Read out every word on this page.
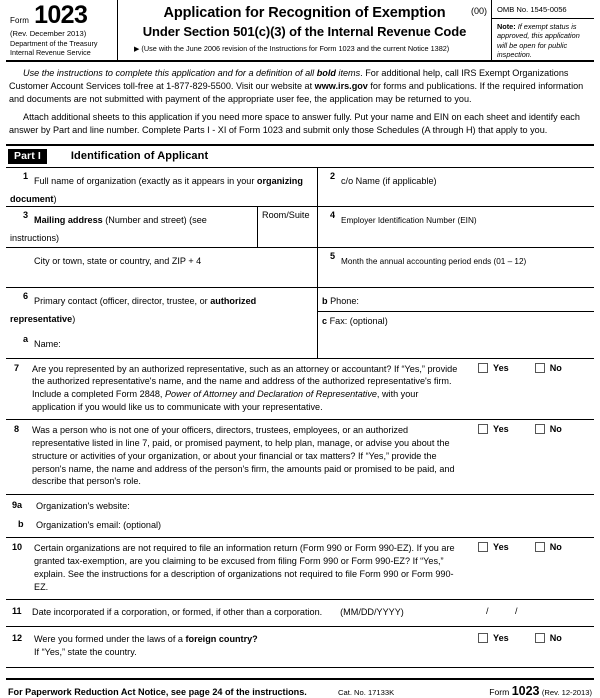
Form 1023
(Rev. December 2013)
Department of the Treasury
Internal Revenue Service
(00)
Application for Recognition of Exemption
Under Section 501(c)(3) of the Internal Revenue Code
▶ (Use with the June 2006 revision of the Instructions for Form 1023 and the current Notice 1382)
OMB No. 1545-0056
Note: If exempt status is approved, this application will be open for public inspection.

Use the instructions to complete this application and for a definition of all bold items. For additional help, call IRS Exempt Organizations Customer Account Services toll-free at 1-877-829-5500. Visit our website at www.irs.gov for forms and publications. If the required information and documents are not submitted with payment of the appropriate user fee, the application may be returned to you.

Attach additional sheets to this application if you need more space to answer fully. Put your name and EIN on each sheet and identify each answer by Part and line number. Complete Parts I - XI of Form 1023 and submit only those Schedules (A through H) that apply to you.

Part I	Identification of Applicant
1 Full name of organization (exactly as it appears in your organizing document)
2 c/o Name (if applicable)
3 Mailing address (Number and street) (see instructions)
Room/Suite	4Employer Identification Number (EIN)
City or town, state or country, and ZIP + 4	5Month the annual accounting period ends (01 – 12)
6 Primary contact (officer, director, trustee, or authorized representative)
a Name:
b Phone:
c Fax: (optional)
7	Are you represented by an authorized representative, such as an attorney or accountant? If “Yes,” provide the authorized representative's name, and the name and address of the authorized representative's firm. Include a completed Form 2848, Power of Attorney and Declaration of Representative, with your application if you would like us to communicate with your representative.
Yes	No
8	Was a person who is not one of your officers, directors, trustees, employees, or an authorized representative listed in line 7, paid, or promised payment, to help plan, manage, or advise you about the structure or activities of your organization, or about your financial or tax matters? If “Yes,” provide the person's name, the name and address of the person's firm, the amounts paid or promised to be paid, and describe that person's role.
Yes	No
9a	Organization's website:
b	Organization's email: (optional)
10	Certain organizations are not required to file an information return (Form 990 or Form 990-EZ). If you are granted tax-exemption, are you claiming to be excused from filing Form 990 or Form 990-EZ? If “Yes,” explain. See the instructions for a description of organizations not required to file Form 990 or Form 990-EZ.
Yes	No
11	Date incorporated if a corporation, or formed, if other than a corporation. (MM/DD/YYYY)	/	/
12	Were you formed under the laws of a foreign country?
If “Yes,” state the country.
Yes	No
For Paperwork Reduction Act Notice, see page 24 of the instructions.	Cat. No. 17133K	Form 1023 (Rev. 12-2013)
